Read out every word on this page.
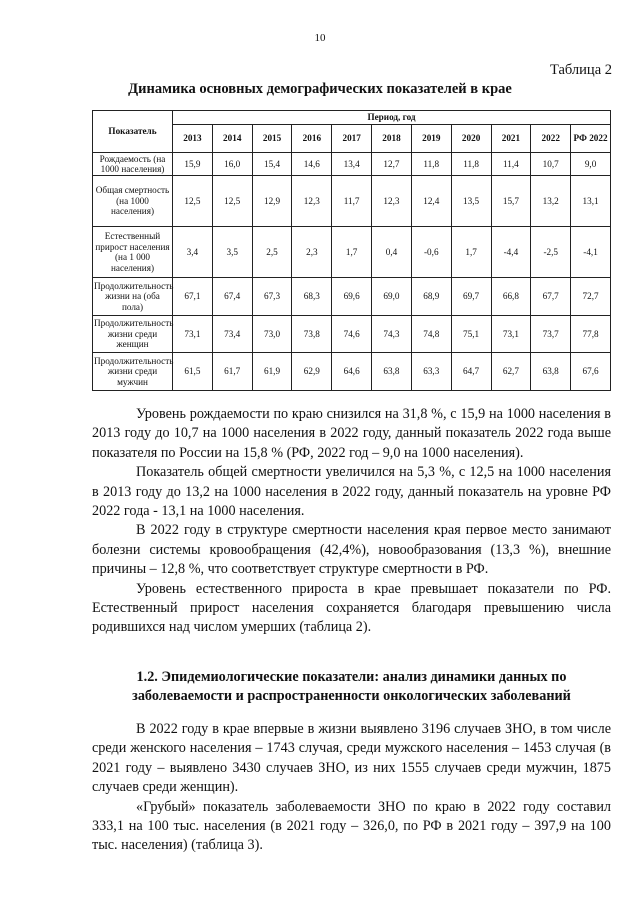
10
Таблица 2
Динамика основных демографических показателей в крае
Показатель	Период, год										
	2013	2014	2015	2016	2017	2018	2019	2020	2021	2022	РФ 2022
Рождаемость (на 1000 населения)	15,9	16,0	15,4	14,6	13,4	12,7	11,8	11,8	11,4	10,7	9,0
Общая смертность (на 1000 населения)	12,5	12,5	12,9	12,3	11,7	12,3	12,4	13,5	15,7	13,2	13,1
Естественный прирост населения (на 1 000 населения)	3,4	3,5	2,5	2,3	1,7	0,4	-0,6	1,7	-4,4	-2,5	-4,1
Продолжительность жизни на (оба пола)	67,1	67,4	67,3	68,3	69,6	69,0	68,9	69,7	66,8	67,7	72,7
Продолжительность жизни среди женщин	73,1	73,4	73,0	73,8	74,6	74,3	74,8	75,1	73,1	73,7	77,8
Продолжительность жизни среди мужчин	61,5	61,7	61,9	62,9	64,6	63,8	63,3	64,7	62,7	63,8	67,6

Уровень рождаемости по краю снизился на 31,8 %, с 15,9 на 1000 населения в 2013 году до 10,7 на 1000 населения в 2022 году, данный показатель 2022 года выше показателя по России на 15,8 % (РФ, 2022 год – 9,0 на 1000 населения).

Показатель общей смертности увеличился на 5,3 %, с 12,5 на 1000 населения в 2013 году до 13,2 на 1000 населения в 2022 году, данный показатель на уровне РФ 2022 года - 13,1 на 1000 населения.

В 2022 году в структуре смертности населения края первое место занимают болезни системы кровообращения (42,4%), новообразования (13,3 %), внешние причины – 12,8 %, что соответствует структуре смертности в РФ.

Уровень естественного прироста в крае превышает показатели по РФ. Естественный прирост населения сохраняется благодаря превышению числа родившихся над числом умерших (таблица 2).

1.2. Эпидемиологические показатели: анализ динамики данных по заболеваемости и распространенности онкологических заболеваний

В 2022 году в крае впервые в жизни выявлено 3196 случаев ЗНО, в том числе среди женского населения – 1743 случая, среди мужского населения – 1453 случая (в 2021 году – выявлено 3430 случаев ЗНО, из них 1555 случаев среди мужчин, 1875 случаев среди женщин).

«Грубый» показатель заболеваемости ЗНО по краю в 2022 году составил 333,1 на 100 тыс. населения (в 2021 году – 326,0, по РФ в 2021 году – 397,9 на 100 тыс. населения) (таблица 3).
